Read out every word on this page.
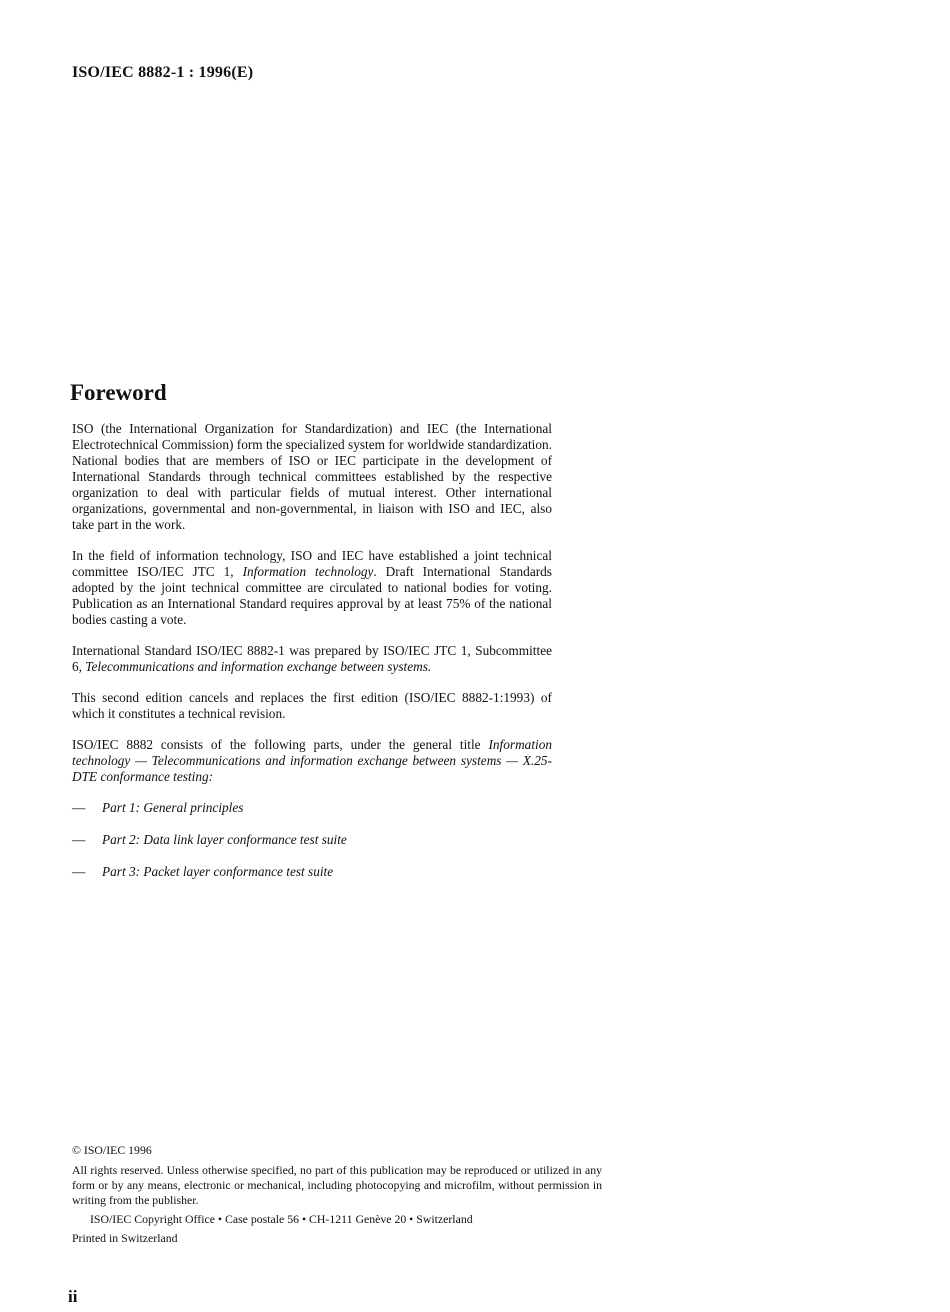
ISO/IEC 8882-1 : 1996(E)
Foreword

ISO (the International Organization for Standardization) and IEC (the International Electrotechnical Commission) form the specialized system for worldwide standardization. National bodies that are members of ISO or IEC participate in the development of International Standards through technical committees established by the respective organization to deal with particular fields of mutual interest. Other international organizations, governmental and non-governmental, in liaison with ISO and IEC, also take part in the work.

In the field of information technology, ISO and IEC have established a joint technical committee ISO/IEC JTC 1, Information technology. Draft International Standards adopted by the joint technical committee are circulated to national bodies for voting. Publication as an International Standard requires approval by at least 75% of the national bodies casting a vote.

International Standard ISO/IEC 8882-1 was prepared by ISO/IEC JTC 1, Subcommittee 6, Telecommunications and information exchange between systems.

This second edition cancels and replaces the first edition (ISO/IEC 8882-1:1993) of which it constitutes a technical revision.

ISO/IEC 8882 consists of the following parts, under the general title Information technology — Telecommunications and information exchange between systems — X.25-DTE conformance testing:

— Part 1: General principles
— Part 2: Data link layer conformance test suite
— Part 3: Packet layer conformance test suite

© ISO/IEC 1996

All rights reserved. Unless otherwise specified, no part of this publication may be reproduced or utilized in any form or by any means, electronic or mechanical, including photocopying and microfilm, without permission in writing from the publisher.

ISO/IEC Copyright Office • Case postale 56 • CH-1211 Genève 20 • Switzerland

Printed in Switzerland

ii
